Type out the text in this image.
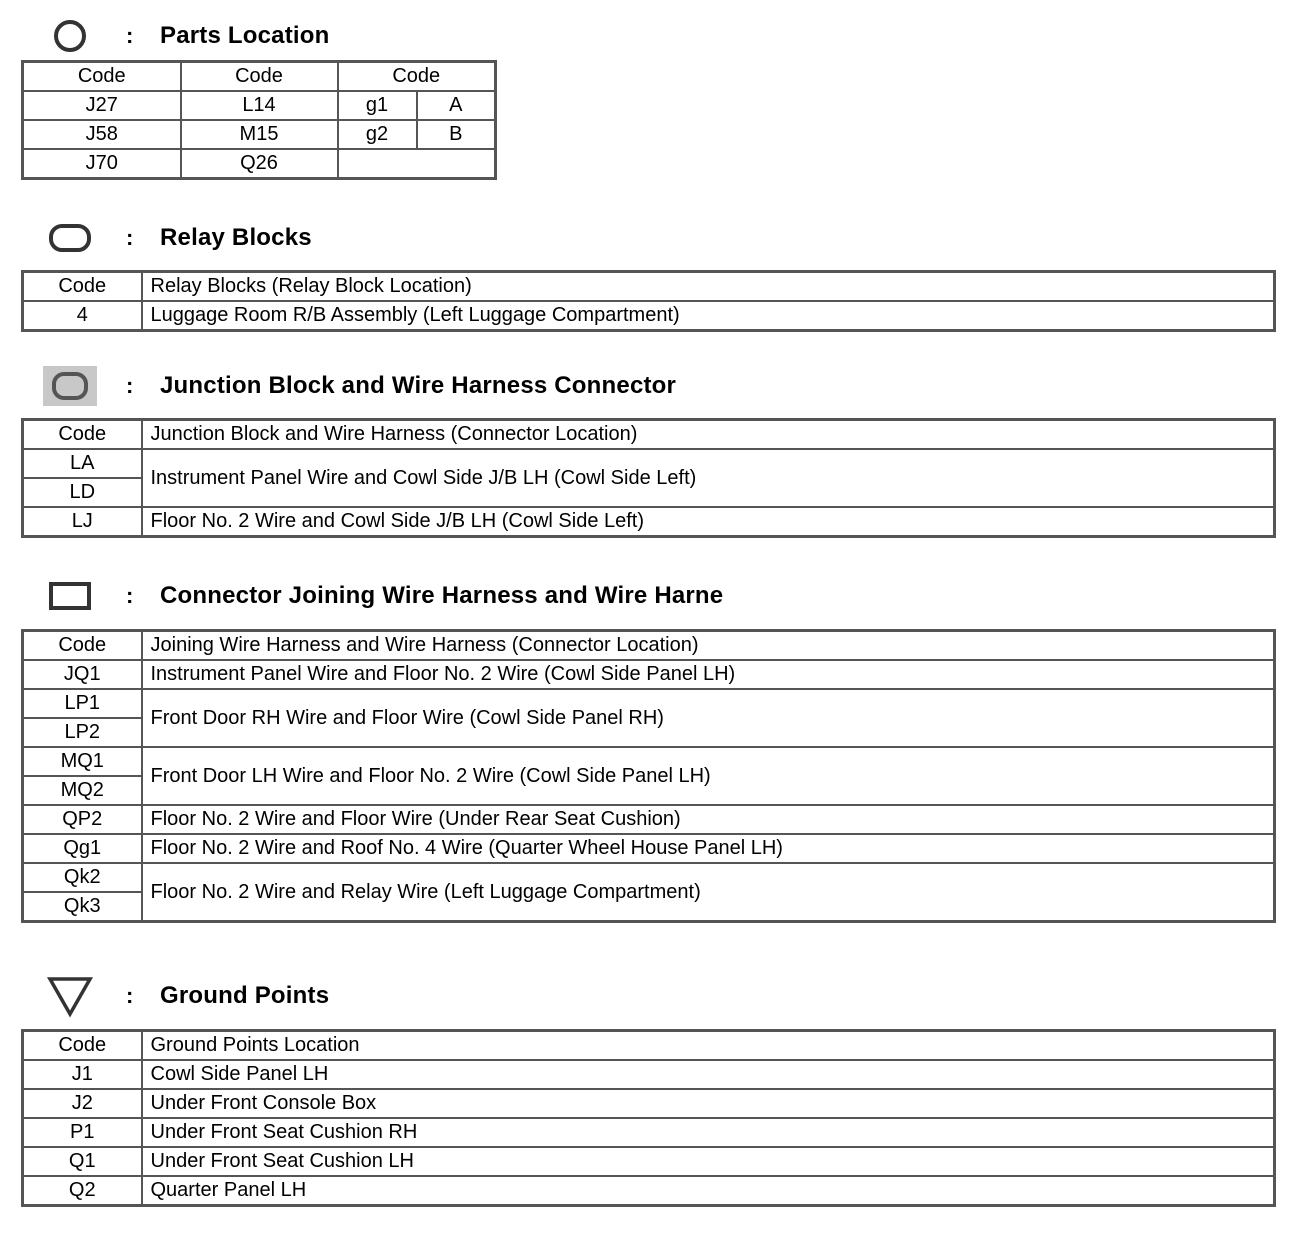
:	Parts Location
Code	Code	Code	
J27	L14	g1	A
J58	M15	g2	B
J70	Q26		
:	Relay Blocks
Code	Relay Blocks (Relay Block Location)
4	Luggage Room R/B Assembly (Left Luggage Compartment)
:	Junction Block and Wire Harness Connector
Code	Junction Block and Wire Harness (Connector Location)
LA	Instrument Panel Wire and Cowl Side J/B LH (Cowl Side Left)
LD	
LJ	Floor No. 2 Wire and Cowl Side J/B LH (Cowl Side Left)
:	Connector Joining Wire Harness and Wire Harne
Code	Joining Wire Harness and Wire Harness (Connector Location)
JQ1	Instrument Panel Wire and Floor No. 2 Wire (Cowl Side Panel LH)
LP1	Front Door RH Wire and Floor Wire (Cowl Side Panel RH)
LP2	
MQ1	Front Door LH Wire and Floor No. 2 Wire (Cowl Side Panel LH)
MQ2	
QP2	Floor No. 2 Wire and Floor Wire (Under Rear Seat Cushion)
Qg1	Floor No. 2 Wire and Roof No. 4 Wire (Quarter Wheel House Panel LH)
Qk2	Floor No. 2 Wire and Relay Wire (Left Luggage Compartment)
Qk3	
:	Ground Points
Code	Ground Points Location
J1	Cowl Side Panel LH
J2	Under Front Console Box
P1	Under Front Seat Cushion RH
Q1	Under Front Seat Cushion LH
Q2	Quarter Panel LH
